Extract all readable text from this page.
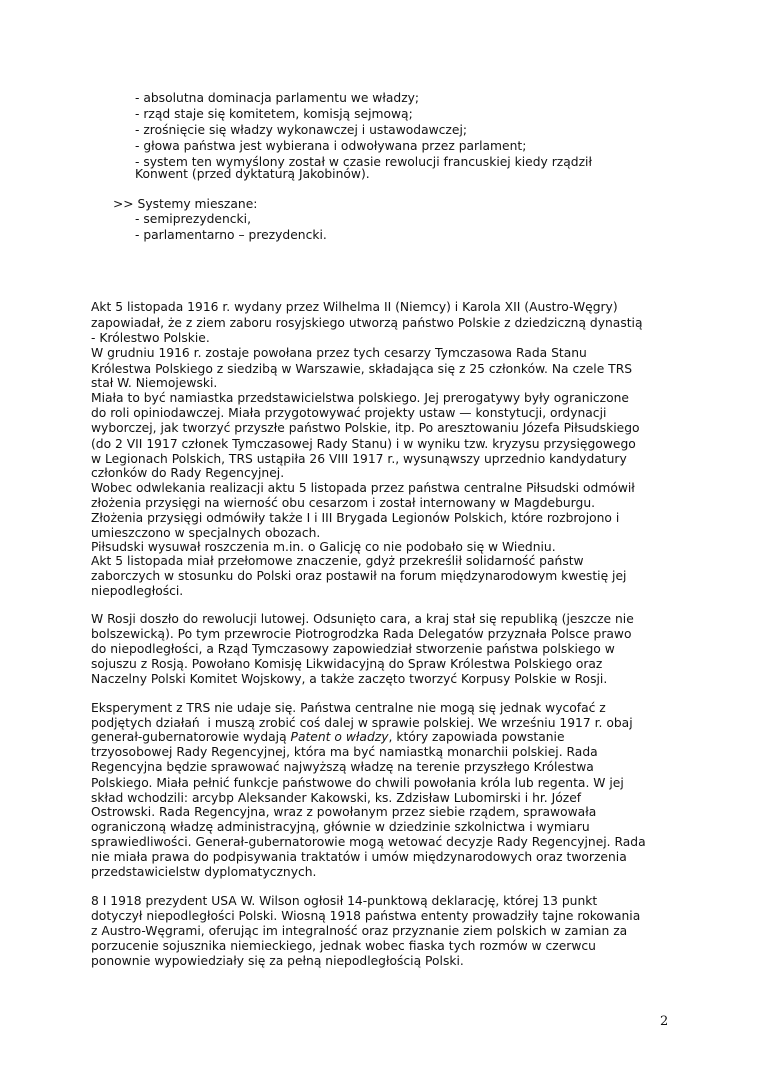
- absolutna dominacja parlamentu we władzy;

- rząd staje się komitetem, komisją sejmową;

- zrośnięcie się władzy wykonawczej i ustawodawczej;

- głowa państwa jest wybierana i odwoływana przez parlament;

- system ten wymyślony został w czasie rewolucji francuskiej kiedy rządził

Konwent (przed dyktaturą Jakobinów).

>> Systemy mieszane:

- semiprezydencki,

- parlamentarno – prezydencki.

Akt 5 listopada 1916 r. wydany przez Wilhelma II (Niemcy) i Karola XII (Austro-Węgry)

zapowiadał, że z ziem zaboru rosyjskiego utworzą państwo Polskie z dziedziczną dynastią

- Królestwo Polskie.

W grudniu 1916 r. zostaje powołana przez tych cesarzy Tymczasowa Rada Stanu

Królestwa Polskiego z siedzibą w Warszawie, składająca się z 25 członków. Na czele TRS

stał W. Niemojewski.

Miała to być namiastka przedstawicielstwa polskiego. Jej prerogatywy były ograniczone

do roli opiniodawczej. Miała przygotowywać projekty ustaw — konstytucji, ordynacji

wyborczej, jak tworzyć przyszłe państwo Polskie, itp. Po aresztowaniu Józefa Piłsudskiego

(do 2 VII 1917 członek Tymczasowej Rady Stanu) i w wyniku tzw. kryzysu przysięgowego

w Legionach Polskich, TRS ustąpiła 26 VIII 1917 r., wysunąwszy uprzednio kandydatury

członków do Rady Regencyjnej.

Wobec odwlekania realizacji aktu 5 listopada przez państwa centralne Piłsudski odmówił

złożenia przysięgi na wierność obu cesarzom i został internowany w Magdeburgu.

Złożenia przysięgi odmówiły także I i III Brygada Legionów Polskich, które rozbrojono i

umieszczono w specjalnych obozach.

Piłsudski wysuwał roszczenia m.in. o Galicję co nie podobało się w Wiedniu.

Akt 5 listopada miał przełomowe znaczenie, gdyż przekreślił solidarność państw

zaborczych w stosunku do Polski oraz postawił na forum międzynarodowym kwestię jej

niepodległości.

W Rosji doszło do rewolucji lutowej. Odsunięto cara, a kraj stał się republiką (jeszcze nie

bolszewicką). Po tym przewrocie Piotrogrodzka Rada Delegatów przyznała Polsce prawo

do niepodległości, a Rząd Tymczasowy zapowiedział stworzenie państwa polskiego w

sojuszu z Rosją. Powołano Komisję Likwidacyjną do Spraw Królestwa Polskiego oraz

Naczelny Polski Komitet Wojskowy, a także zaczęto tworzyć Korpusy Polskie w Rosji.

Eksperyment z TRS nie udaje się. Państwa centralne nie mogą się jednak wycofać z

podjętych działań  i muszą zrobić coś dalej w sprawie polskiej. We wrześniu 1917 r. obaj

generał-gubernatorowie wydają Patent o władzy, który zapowiada powstanie

trzyosobowej Rady Regencyjnej, która ma być namiastką monarchii polskiej. Rada

Regencyjna będzie sprawować najwyższą władzę na terenie przyszłego Królestwa

Polskiego. Miała pełnić funkcje państwowe do chwili powołania króla lub regenta. W jej

skład wchodzili: arcybp Aleksander Kakowski, ks. Zdzisław Lubomirski i hr. Józef

Ostrowski. Rada Regencyjna, wraz z powołanym przez siebie rządem, sprawowała

ograniczoną władzę administracyjną, głównie w dziedzinie szkolnictwa i wymiaru

sprawiedliwości. Generał-gubernatorowie mogą wetować decyzje Rady Regencyjnej. Rada

nie miała prawa do podpisywania traktatów i umów międzynarodowych oraz tworzenia

przedstawicielstw dyplomatycznych.

8 I 1918 prezydent USA W. Wilson ogłosił 14-punktową deklarację, której 13 punkt

dotyczył niepodległości Polski. Wiosną 1918 państwa ententy prowadziły tajne rokowania

z Austro-Węgrami, oferując im integralność oraz przyznanie ziem polskich w zamian za

porzucenie sojusznika niemieckiego, jednak wobec fiaska tych rozmów w czerwcu

ponownie wypowiedziały się za pełną niepodległością Polski.

2
